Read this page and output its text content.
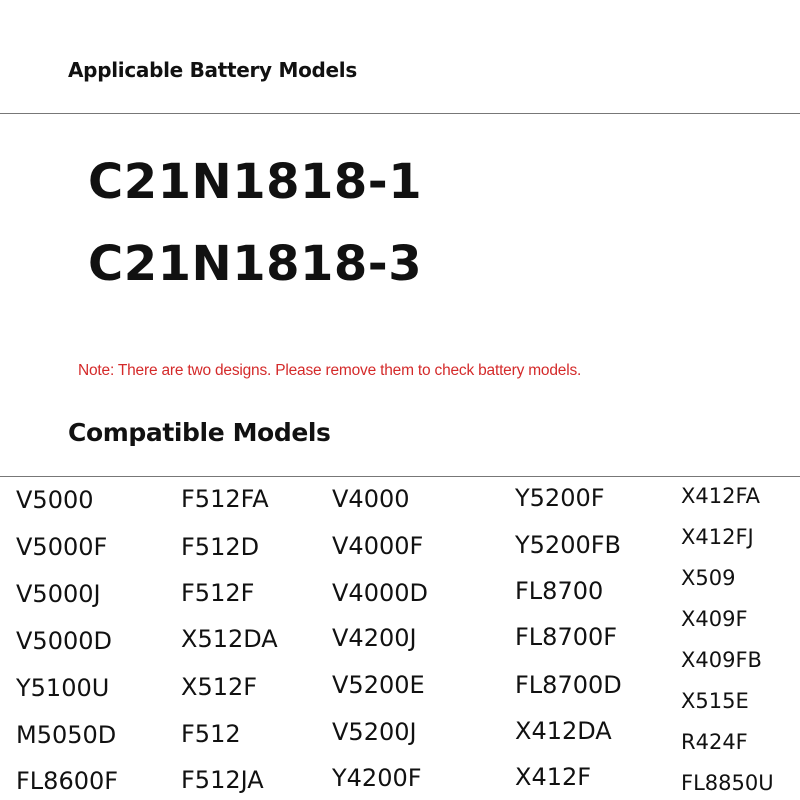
Applicable Battery Models
C21N1818-1
C21N1818-3
Note: There are two designs. Please remove them to check battery models.
Compatible Models
V5000
V5000F
V5000J
V5000D
Y5100U
M5050D
FL8600F
F512FA
F512D
F512F
X512DA
X512F
F512
F512JA
V4000
V4000F
V4000D
V4200J
V5200E
V5200J
Y4200F
Y5200F
Y5200FB
FL8700
FL8700F
FL8700D
X412DA
X412F
X412FA
X412FJ
X509
X409F
X409FB
X515E
R424F
FL8850U
